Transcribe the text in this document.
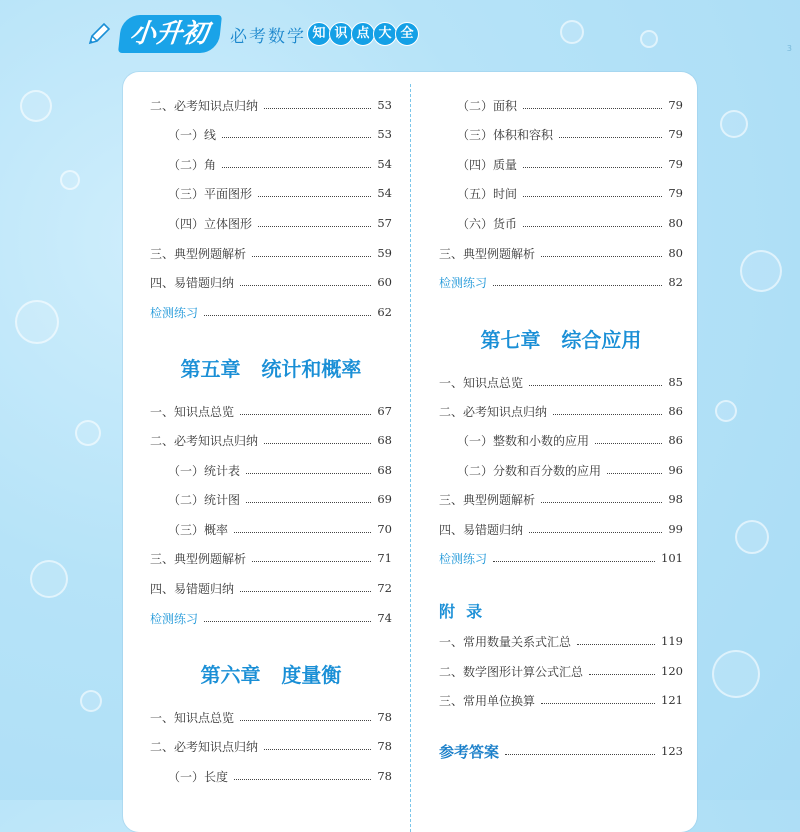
小升初	必考数学 知 识 点 大 全
3
二、必考知识点归纳	53
（一）线	53
（二）角	54
（三）平面图形	54
（四）立体图形	57
三、典型例题解析	59
四、易错题归纳	60
检测练习	62
第五章   统计和概率
一、知识点总览	67
二、必考知识点归纳	68
（一）统计表	68
（二）统计图	69
（三）概率	70
三、典型例题解析	71
四、易错题归纳	72
检测练习	74
第六章   度量衡
一、知识点总览	78
二、必考知识点归纳	78
（一）长度	78
（二）面积	79
（三）体积和容积	79
（四）质量	79
（五）时间	79
（六）货币	80
三、典型例题解析	80
检测练习	82
第七章   综合应用
一、知识点总览	85
二、必考知识点归纳	86
（一）整数和小数的应用	86
（二）分数和百分数的应用	96
三、典型例题解析	98
四、易错题归纳	99
检测练习	101
附  录
一、常用数量关系式汇总	119
二、数学图形计算公式汇总	120
三、常用单位换算	121
参考答案	123
